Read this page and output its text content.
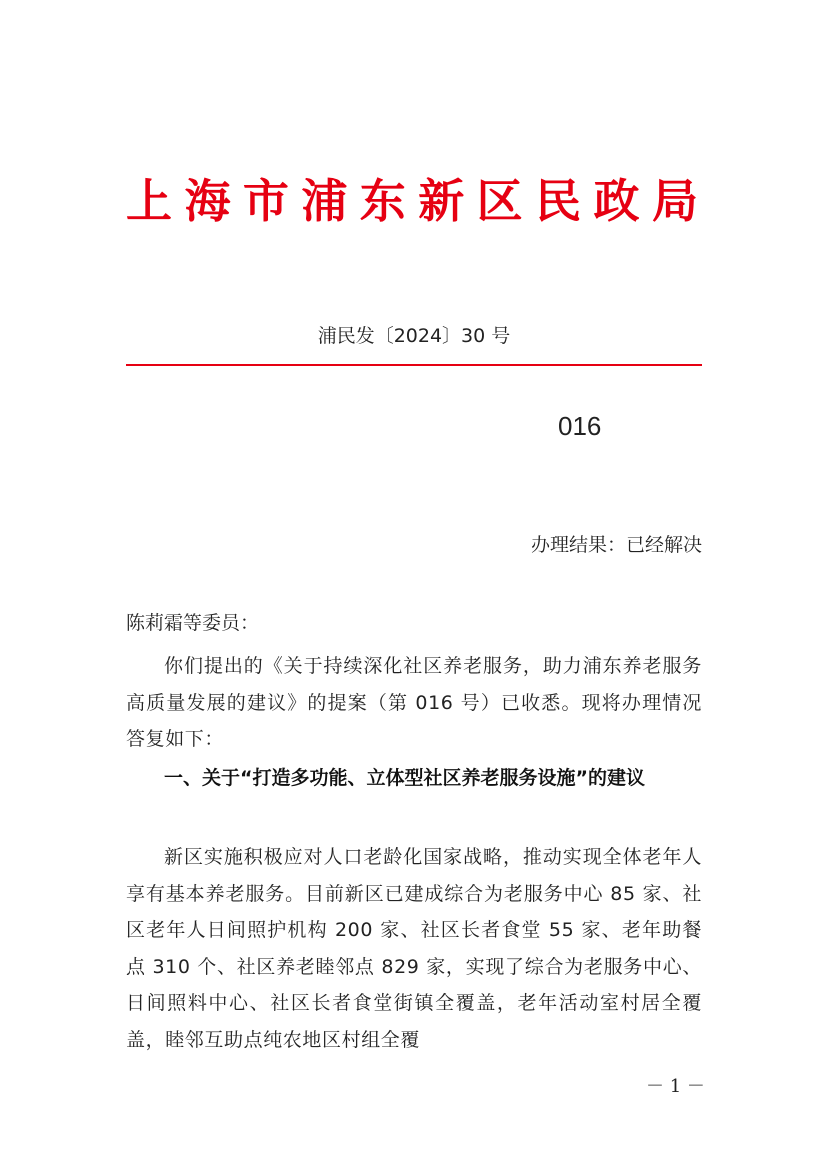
上海市浦东新区民政局
浦民发〔2024〕30 号
016
办理结果：已经解决
陈莉霜等委员：
你们提出的《关于持续深化社区养老服务，助力浦东养老服务高质量发展的建议》的提案（第 016 号）已收悉。现将办理情况答复如下：
一、关于“打造多功能、立体型社区养老服务设施”的建议
新区实施积极应对人口老龄化国家战略，推动实现全体老年人享有基本养老服务。目前新区已建成综合为老服务中心 85 家、社区老年人日间照护机构 200 家、社区长者食堂 55 家、老年助餐点 310 个、社区养老睦邻点 829 家，实现了综合为老服务中心、日间照料中心、社区长者食堂街镇全覆盖，老年活动室村居全覆盖，睦邻互助点纯农地区村组全覆
－ 1 －
